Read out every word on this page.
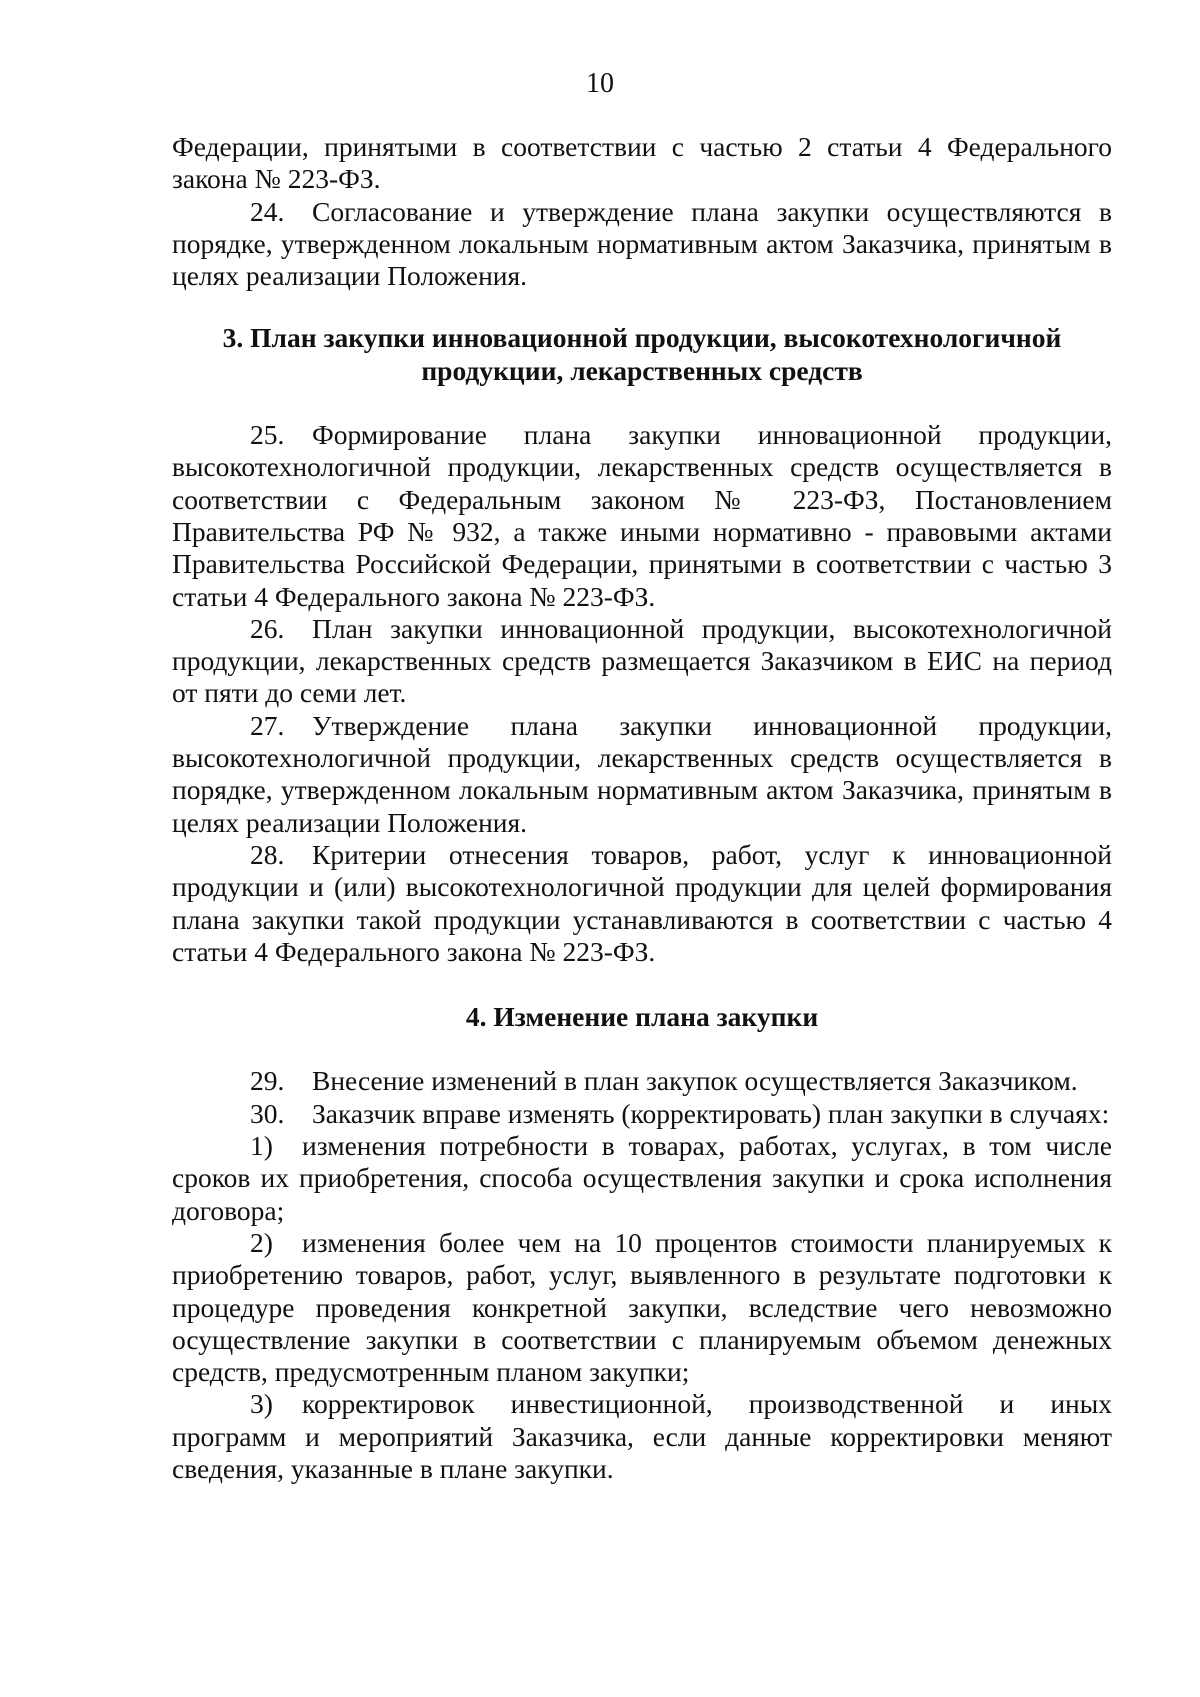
10

Федерации, принятыми в соответствии с частью 2 статьи 4 Федерального

закона № 223-ФЗ.

24. Согласование и утверждение плана закупки осуществляются в порядке, утвержденном локальным нормативным актом Заказчика, принятым в целях реализации Положения.

3. План закупки инновационной продукции, высокотехнологичной
продукции, лекарственных средств

25. Формирование плана закупки инновационной продукции, высокотехнологичной продукции, лекарственных средств осуществляется в соответствии с Федеральным законом № 223-ФЗ, Постановлением Правительства РФ № 932, а также иными нормативно - правовыми актами Правительства Российской Федерации, принятыми в соответствии с частью 3 статьи 4 Федерального закона № 223-ФЗ.

26. План закупки инновационной продукции, высокотехнологичной продукции, лекарственных средств размещается Заказчиком в ЕИС на период от пяти до семи лет.

27. Утверждение плана закупки инновационной продукции, высокотехнологичной продукции, лекарственных средств осуществляется в порядке, утвержденном локальным нормативным актом Заказчика, принятым в целях реализации Положения.

28. Критерии отнесения товаров, работ, услуг к инновационной продукции и (или) высокотехнологичной продукции для целей формирования плана закупки такой продукции устанавливаются в соответствии с частью 4 статьи 4 Федерального закона № 223-ФЗ.

4. Изменение плана закупки

29. Внесение изменений в план закупок осуществляется Заказчиком.

30. Заказчик вправе изменять (корректировать) план закупки в случаях:

1) изменения потребности в товарах, работах, услугах, в том числе сроков их приобретения, способа осуществления закупки и срока исполнения договора;

2) изменения более чем на 10 процентов стоимости планируемых к приобретению товаров, работ, услуг, выявленного в результате подготовки к процедуре проведения конкретной закупки, вследствие чего невозможно осуществление закупки в соответствии с планируемым объемом денежных средств, предусмотренным планом закупки;

3) корректировок инвестиционной, производственной и иных программ и мероприятий Заказчика, если данные корректировки меняют сведения, указанные в плане закупки.
